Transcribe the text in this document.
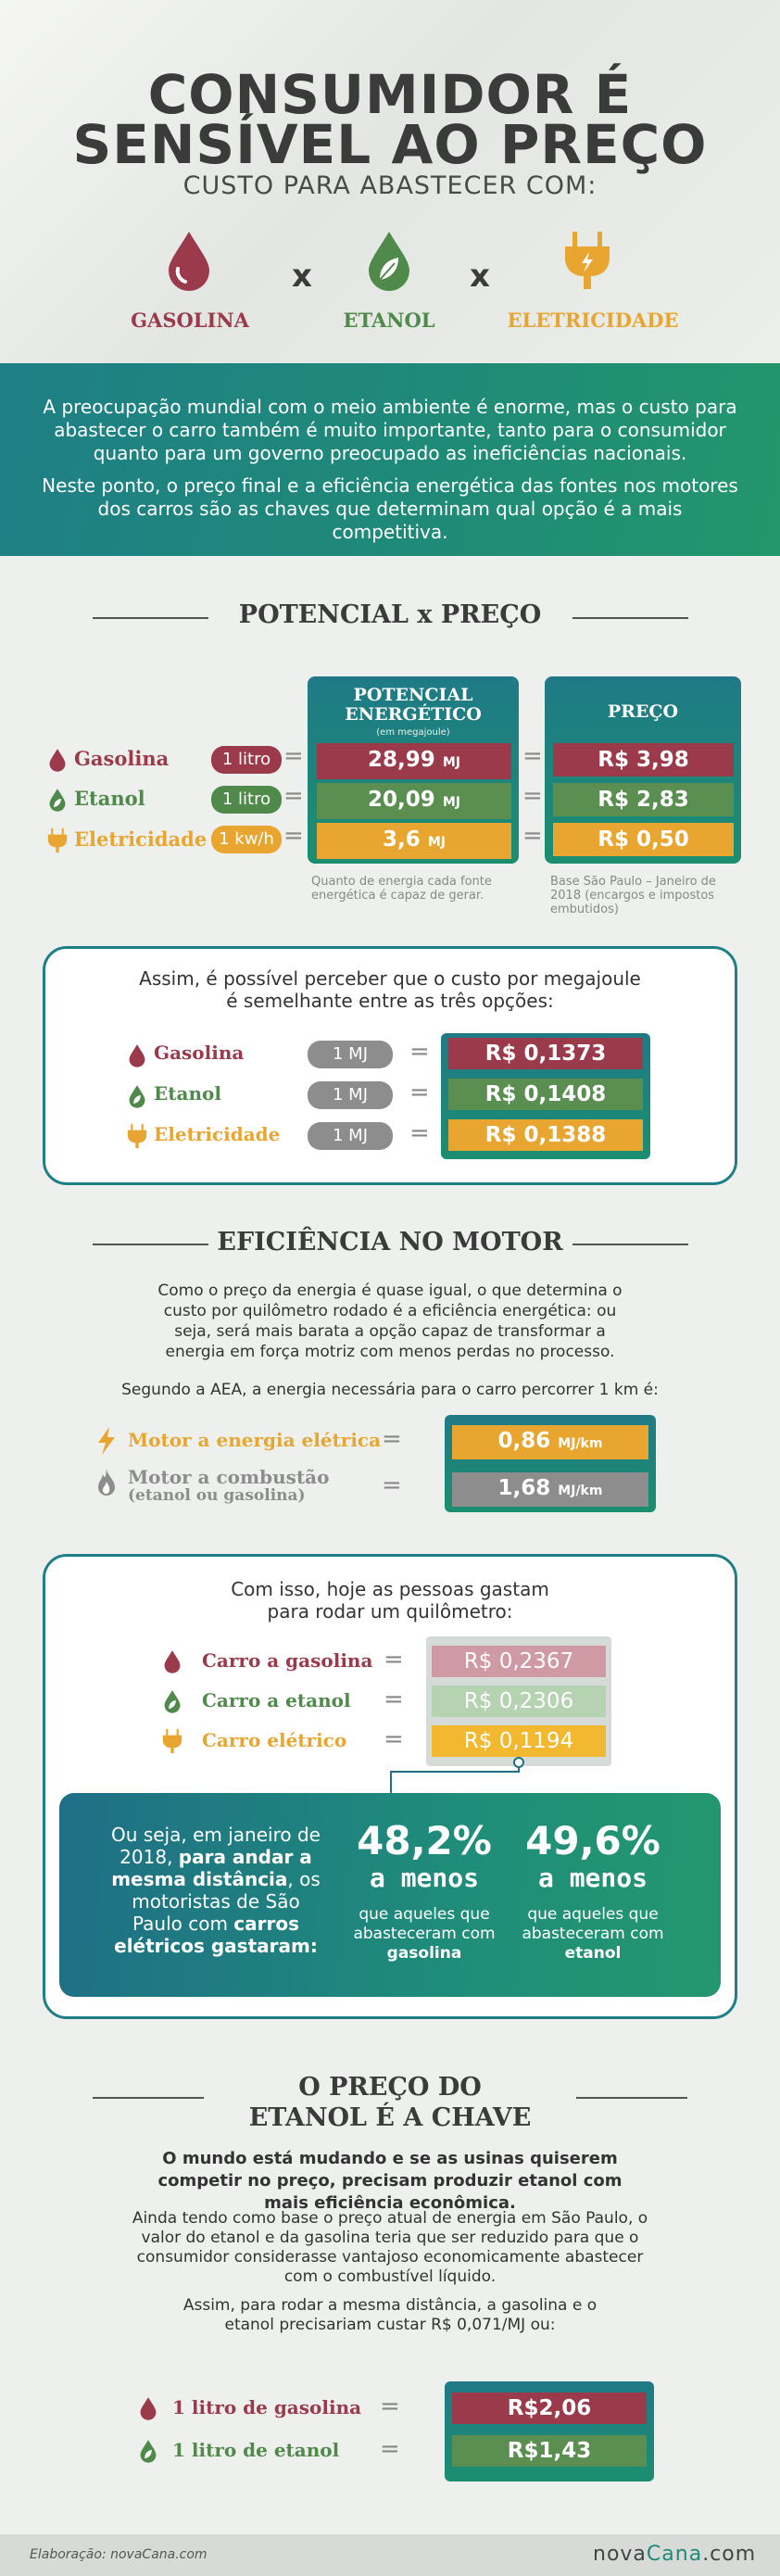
CONSUMIDOR É
SENSÍVEL AO PREÇO
CUSTO PARA ABASTECER COM:
GASOLINA
x
ETANOL
x
ELETRICIDADE

A preocupação mundial com o meio ambiente é enorme, mas o custo para abastecer o carro também é muito importante, tanto para o consumidor quanto para um governo preocupado as ineficiências nacionais.

Neste ponto, o preço final e a eficiência energética das fontes nos motores dos carros são as chaves que determinam qual opção é a mais competitiva.

POTENCIAL x PREÇO
POTENCIAL ENERGÉTICO
(em megajoule)
PREÇO
Gasolina	1 litro =	28,99 MJ	=	R$ 3,98
Etanol	1 litro =	20,09 MJ	=	R$ 2,83
Eletricidade 1 kw/h =	3,6 MJ	=	R$ 0,50
Quanto de energia cada fonte energética é capaz de gerar.
Base São Paulo – Janeiro de 2018 (encargos e impostos embutidos)
Assim, é possível perceber que o custo por megajoule é semelhante entre as três opções:
Gasolina	1 MJ	=	R$ 0,1373
Etanol	1 MJ	=	R$ 0,1408
Eletricidade	1 MJ	=	R$ 0,1388
EFICIÊNCIA NO MOTOR
Como o preço da energia é quase igual, o que determina o custo por quilômetro rodado é a eficiência energética: ou seja, será mais barata a opção capaz de transformar a energia em força motriz com menos perdas no processo.
Segundo a AEA, a energia necessária para o carro percorrer 1 km é:
Motor a energia elétrica =	0,86 MJ/km
Motor a combustão
(etanol ou gasolina)	=	1,68 MJ/km
Com isso, hoje as pessoas gastam para rodar um quilômetro:
Carro a gasolina =	R$ 0,2367
Carro a etanol =	R$ 0,2306
Carro elétrico =	R$ 0,1194
Ou seja, em janeiro de 2018, para andar a mesma distância, os motoristas de São Paulo com carros elétricos gastaram:
48,2%
a menos
que aqueles que abasteceram com gasolina
49,6%
a menos
que aqueles que abasteceram com etanol
O PREÇO DO
ETANOL É A CHAVE
O mundo está mudando e se as usinas quiserem competir no preço, precisam produzir etanol com mais eficiência econômica.
Ainda tendo como base o preço atual de energia em São Paulo, o valor do etanol e da gasolina teria que ser reduzido para que o consumidor considerasse vantajoso economicamente abastecer com o combustível líquido.
Assim, para rodar a mesma distância, a gasolina e o etanol precisariam custar R$ 0,071/MJ ou:
1 litro de gasolina =	R$2,06
1 litro de etanol =	R$1,43
Elaboração: novaCana.com	novaCana.com
